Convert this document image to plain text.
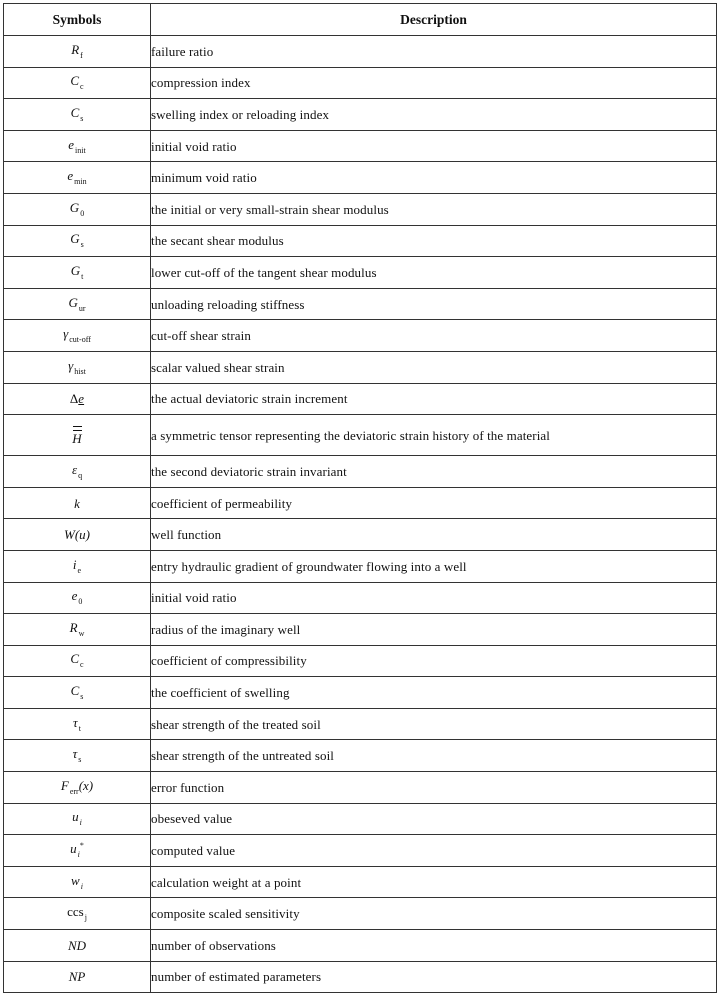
Symbols	Description
$R_f$	failure ratio
$C_c$	compression index
$C_s$	swelling index or reloading index
$e_{init}$	initial void ratio
$e_{min}$	minimum void ratio
$G_0$	the initial or very small-strain shear modulus
$G_s$	the secant shear modulus
$G_t$	lower cut-off of the tangent shear modulus
$G_{ur}$	unloading reloading stiffness
$\gamma_{cut-off}$	cut-off shear strain
$\gamma_{hist}$	scalar valued shear strain
Δe	the actual deviatoric strain increment

H	a symmetric tensor representing the deviatoric strain history of the material
$\varepsilon_q$	the second deviatoric strain invariant
k	coefficient of permeability
W(u)	well function
$i_e$	entry hydraulic gradient of groundwater flowing into a well
$e_0$	initial void ratio
$R_w$	radius of the imaginary well
$C_c$	coefficient of compressibility
$C_s$	the coefficient of swelling
$\tau_t$	shear strength of the treated soil
$\tau_s$	shear strength of the untreated soil
$F_{err}(x)$	error function
$u_i$	obeseved value
$u_i^*$	computed value
$w_i$	calculation weight at a point
ccs$_j$	composite scaled sensitivity
ND	number of observations
NP	number of estimated parameters
